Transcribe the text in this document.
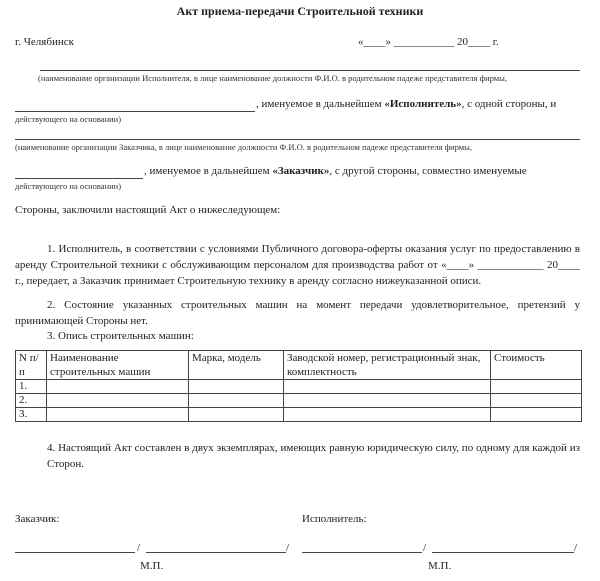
Акт приема-передачи Строительной техники
г. Челябинск	«____» ___________ 20____ г.
(наименование организации Исполнителя, в лице наименование должности Ф.И.О. в родительном падеже представителя фирмы,
, именуемое в дальнейшем «Исполнитель», с одной стороны, и
действующего на основании)
(наименование организации Заказчика, в лице наименование должности Ф.И.О. в родительном падеже представителя фирмы,
, именуемое в дальнейшем «Заказчик», с другой стороны, совместно именуемые
действующего на основании)
Стороны, заключили настоящий Акт о нижеследующем:
1. Исполнитель, в соответствии с условиями Публичного договора-оферты оказания услуг по предоставлению в аренду Строительной техники с обслуживающим персоналом для производства работ от «____» ____________ 20____ г., передает, а Заказчик принимает Строительную технику в аренду согласно нижеуказанной описи.
2. Состояние указанных строительных машин на момент передачи удовлетворительное, претензий у принимающей Стороны нет.
3. Опись строительных машин:
N п/п	Наименование строительных машин	Марка, модель	Заводской номер, регистрационный знак, комплектность	Стоимость
1.				
2.				
3.				
4. Настоящий Акт составлен в двух экземплярах, имеющих равную юридическую силу, по одному для каждой из Сторон.
Заказчик:	Исполнитель:
/	/	/	/
М.П.	М.П.
